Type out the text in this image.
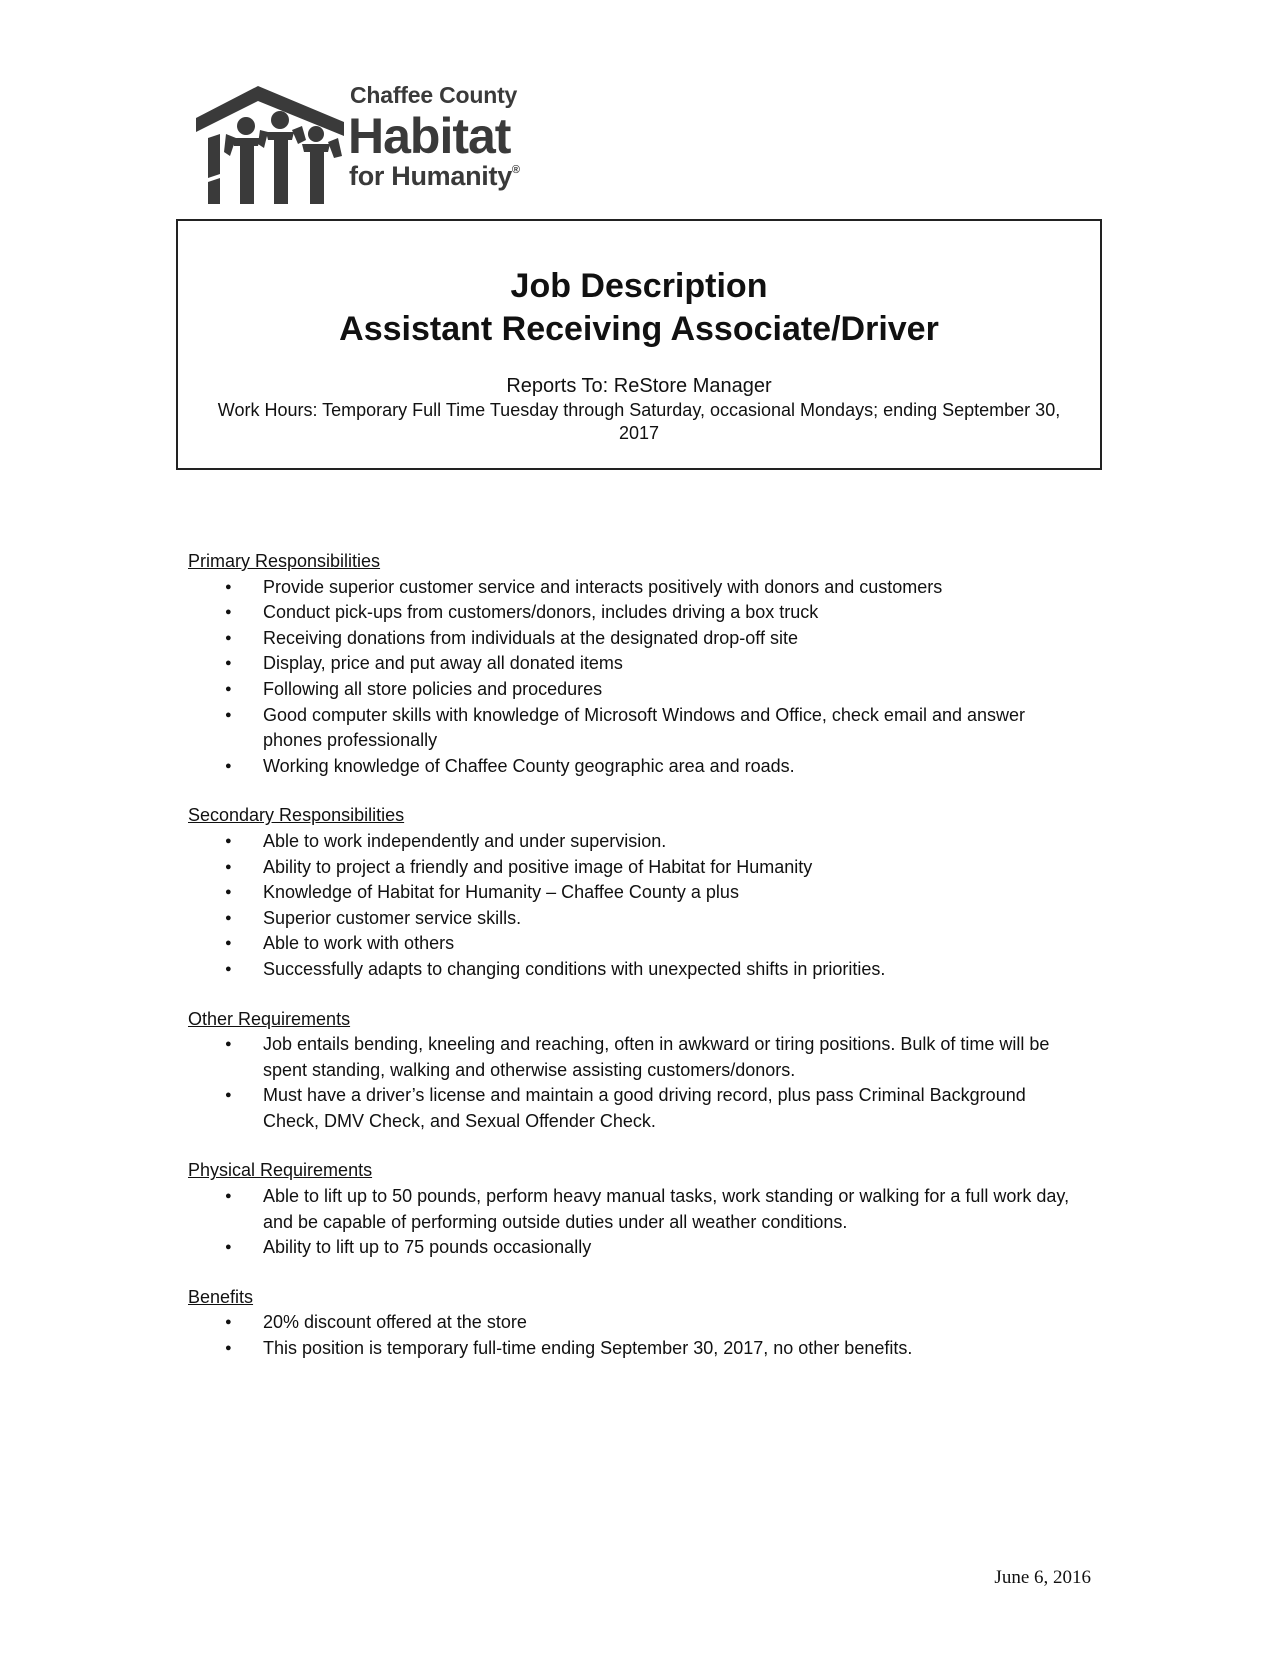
Chaffee County
Habitat
for Humanity®
Job Description
Assistant Receiving Associate/Driver
Reports To: ReStore Manager
Work Hours: Temporary Full Time Tuesday through Saturday, occasional Mondays; ending September 30, 2017
Primary Responsibilities
● Provide superior customer service and interacts positively with donors and customers
● Conduct pick-ups from customers/donors, includes driving a box truck
● Receiving donations from individuals at the designated drop-off site
● Display, price and put away all donated items
● Following all store policies and procedures
● Good computer skills with knowledge of Microsoft Windows and Office, check email and answer phones professionally
● Working knowledge of Chaffee County geographic area and roads.
Secondary Responsibilities
● Able to work independently and under supervision.
● Ability to project a friendly and positive image of Habitat for Humanity
● Knowledge of Habitat for Humanity – Chaffee County a plus
● Superior customer service skills.
● Able to work with others
● Successfully adapts to changing conditions with unexpected shifts in priorities.
Other Requirements
● Job entails bending, kneeling and reaching, often in awkward or tiring positions. Bulk of time will be spent standing, walking and otherwise assisting customers/donors.
● Must have a driver’s license and maintain a good driving record, plus pass Criminal Background Check, DMV Check, and Sexual Offender Check.
Physical Requirements
● Able to lift up to 50 pounds, perform heavy manual tasks, work standing or walking for a full work day, and be capable of performing outside duties under all weather conditions.
● Ability to lift up to 75 pounds occasionally
Benefits
● 20% discount offered at the store
● This position is temporary full-time ending September 30, 2017, no other benefits.
June 6, 2016
